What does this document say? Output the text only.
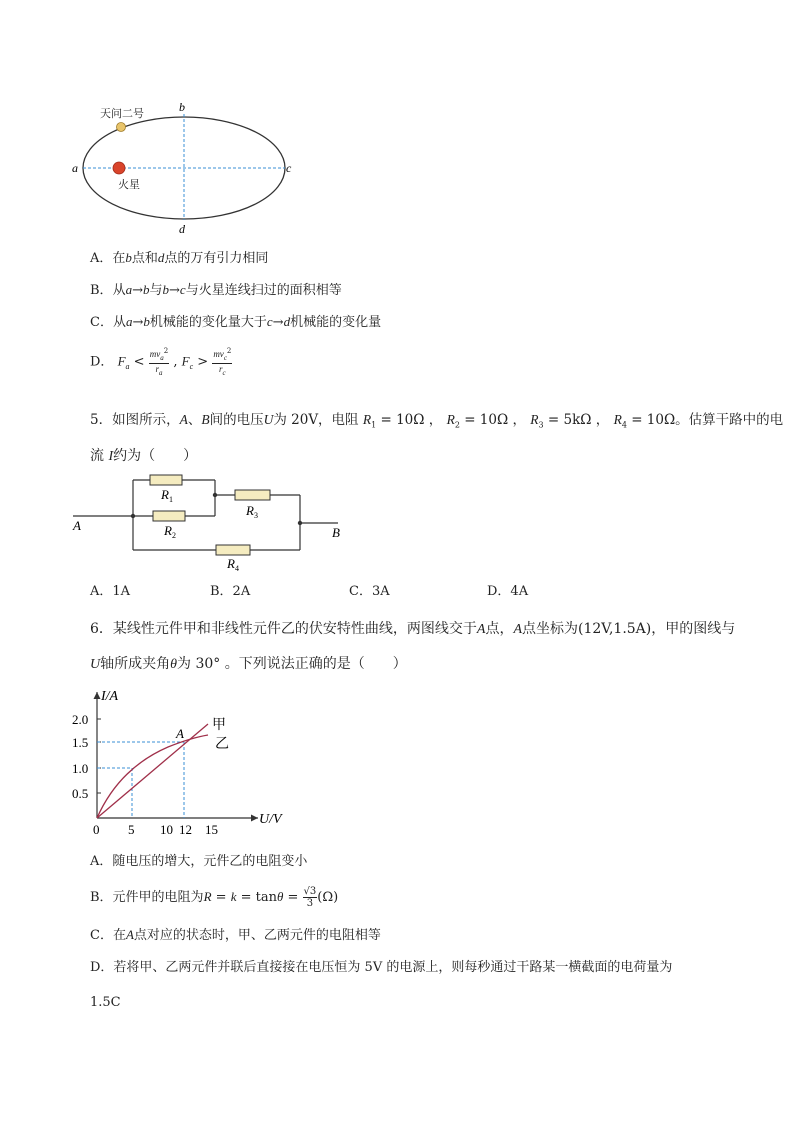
天问二号
火星
a
b
c
d
A．在b点和d点的万有引力相同
B．从a→b与b→c与火星连线扫过的面积相等
C．从a→b机械能的变化量大于c→d机械能的变化量
D． $F_a < \frac{mv_a^2}{r_a}$ , $F_c > \frac{mv_c^2}{r_c}$
5．如图所示，A、B间的电压U为 20V，电阻 $R_1 = 10\Omega$ ， $R_2 = 10\Omega$ ， $R_3 = 5k\Omega$ ， $R_4 = 10\Omega$。估算干路中的电
流 I约为（　　）
A	B
$R_1$
$R_2$
$R_3$
$R_4$
A．1A	B．2A	C．3A	D．4A
6．某线性元件甲和非线性元件乙的伏安特性曲线，两图线交于A点，A点坐标为(12V,1.5A)，甲的图线与
U轴所成夹角θ为 30° 。下列说法正确的是（　　）
I/A
U/V
2.0
1.5
1.0
0.5
0 5 10 12 15
A
甲
乙
A．随电压的增大，元件乙的电阻变小
B．元件甲的电阻为$R = k = \tan\theta = \frac{√3}{3} (\Omega)$
C．在A点对应的状态时，甲、乙两元件的电阻相等
D．若将甲、乙两元件并联后直接接在电压恒为 5V 的电源上，则每秒通过干路某一横截面的电荷量为
1.5C
